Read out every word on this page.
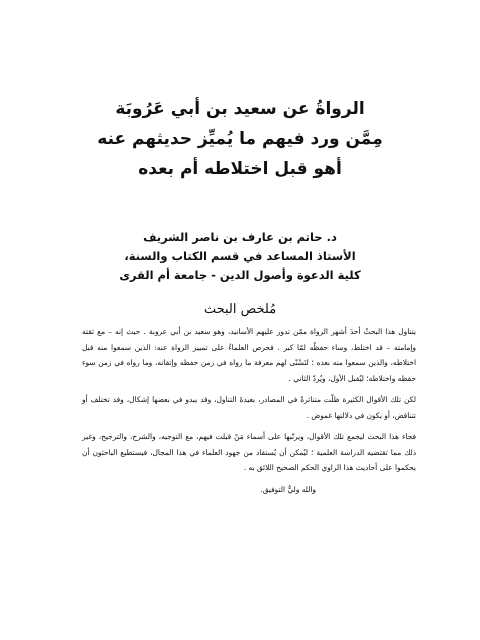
الرواةُ عن سعيد بن أبي عَرُوبَة
مِمَّن ورد فيهم ما يُميِّز حديثهم عنه
أهو قبل اختلاطه أم بعده
د. حاتم بن عارف بن ناصر الشريف
الأستاذ المساعد في قسم الكتاب والسنة،
كلية الدعوة وأصول الدين - جامعة أم القرى
مُلخص البحث

يتناول هذا البحثُ أحدَ أشهر الرواة ممّن تدور عليهم الأسانيد، وهو سعيد بن أبي عروبة . حيث إنه – مع ثقته وإمامته – قد اختلط، وساء حفظُه لمّا كبر . فحرص العلماءُ على تمييز الرواة عنه: الذين سمعوا منه قبل اختلاطه، والذين سمعوا منه بعده ؛ لتَسْنّى لهم معرفة ما رواه في زمن حفظه وإتقانه، وما رواه في زمن سوء حفظه واختلاطه؛ ليُقبل الأول، ويُردّ الثاني .

لكن تلك الأقوال الكثيرة ظلّت متناثرةً في المصادر، بعيدةَ التناول، وقد يبدو في بعضها إشكال، وقد تختلف أو تتناقض، أو يكون في دلالتها غموض .

فجاء هذا البحث ليجمع تلك الأقوال، ويرتّبها على أسماء مَنْ قيلت فيهم، مع التوجيه، والشرح، والترجيح، وغير ذلك مما تقتضيه الدراسة العلمية ؛ ليُمكن أن يُستفاد من جهود العلماء في هذا المجال، فيستطيع الباحثون أن يحكموا على أحاديث هذا الراوي الحكم الصحيح اللائق به .

والله وليُّ التوفيق.
